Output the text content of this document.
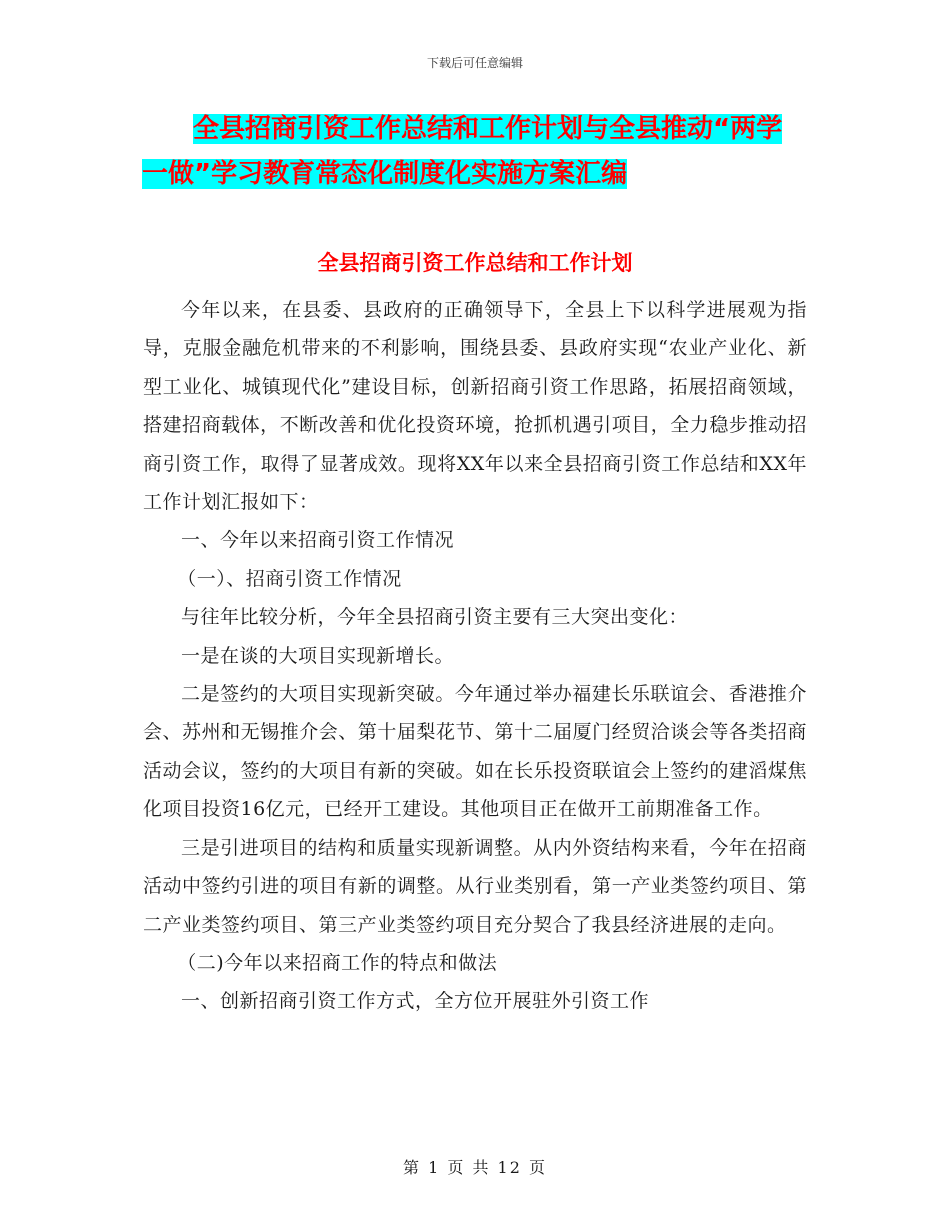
下载后可任意编辑
全县招商引资工作总结和工作计划与全县推动“两学
一做”学习教育常态化制度化实施方案汇编
全县招商引资工作总结和工作计划

今年以来，在县委、县政府的正确领导下，全县上下以科学进展观为指导，克服金融危机带来的不利影响，围绕县委、县政府实现“农业产业化、新型工业化、城镇现代化”建设目标，创新招商引资工作思路，拓展招商领域，搭建招商载体，不断改善和优化投资环境，抢抓机遇引项目，全力稳步推动招商引资工作，取得了显著成效。现将XX年以来全县招商引资工作总结和XX年工作计划汇报如下：

一、今年以来招商引资工作情况

（一）、招商引资工作情况

与往年比较分析，今年全县招商引资主要有三大突出变化：

一是在谈的大项目实现新增长。

二是签约的大项目实现新突破。今年通过举办福建长乐联谊会、香港推介会、苏州和无锡推介会、第十届梨花节、第十二届厦门经贸洽谈会等各类招商活动会议，签约的大项目有新的突破。如在长乐投资联谊会上签约的建滔煤焦化项目投资16亿元，已经开工建设。其他项目正在做开工前期准备工作。

三是引进项目的结构和质量实现新调整。从内外资结构来看，今年在招商活动中签约引进的项目有新的调整。从行业类别看，第一产业类签约项目、第二产业类签约项目、第三产业类签约项目充分契合了我县经济进展的走向。

（二)今年以来招商工作的特点和做法

一、创新招商引资工作方式，全方位开展驻外引资工作

第 1 页 共 12 页
